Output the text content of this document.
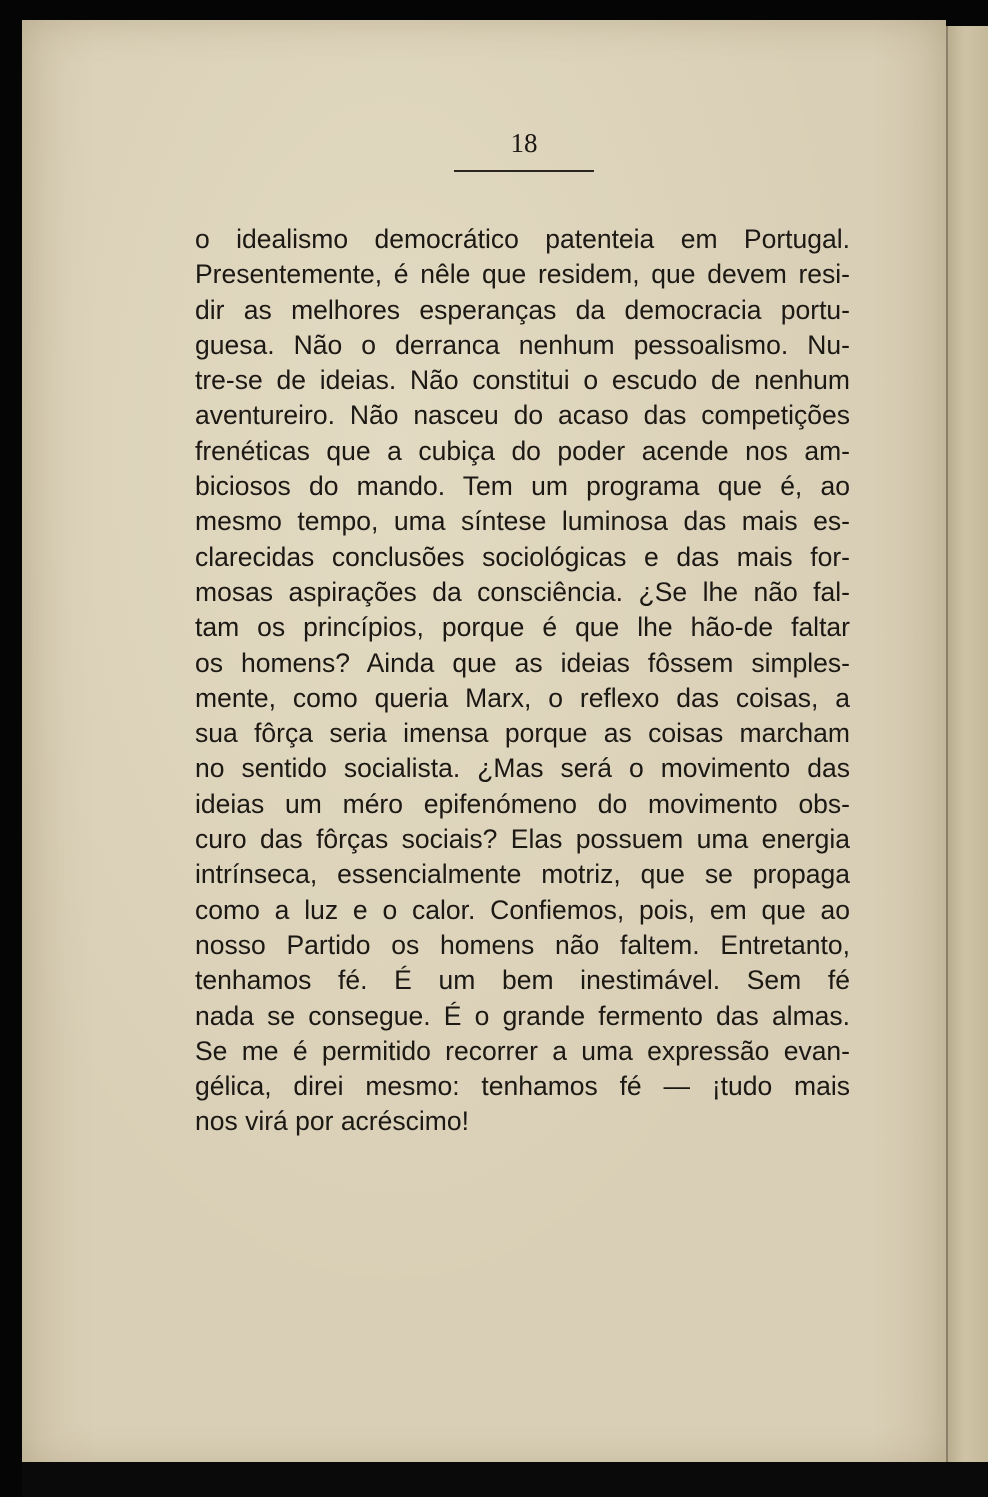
18

o idealismo democrático patenteia em Portugal.
Presentemente, é nêle que residem, que devem resi-
dir as melhores esperanças da democracia portu-
guesa. Não o derranca nenhum pessoalismo. Nu-
tre-se de ideias. Não constitui o escudo de nenhum
aventureiro. Não nasceu do acaso das competições
frenéticas que a cubiça do poder acende nos am-
biciosos do mando. Tem um programa que é, ao
mesmo tempo, uma síntese luminosa das mais es-
clarecidas conclusões sociológicas e das mais for-
mosas aspirações da consciência. ¿Se lhe não fal-
tam os princípios, porque é que lhe hão-de faltar
os homens? Ainda que as ideias fôssem simples-
mente, como queria Marx, o reflexo das coisas, a
sua fôrça seria imensa porque as coisas marcham
no sentido socialista. ¿Mas será o movimento das
ideias um méro epifenómeno do movimento obs-
curo das fôrças sociais? Elas possuem uma energia
intrínseca, essencialmente motriz, que se propaga
como a luz e o calor. Confiemos, pois, em que ao
nosso Partido os homens não faltem. Entretanto,
tenhamos fé. É um bem inestimável. Sem fé
nada se consegue. É o grande fermento das almas.
Se me é permitido recorrer a uma expressão evan-
gélica, direi mesmo: tenhamos fé — ¡tudo mais
nos virá por acréscimo!
